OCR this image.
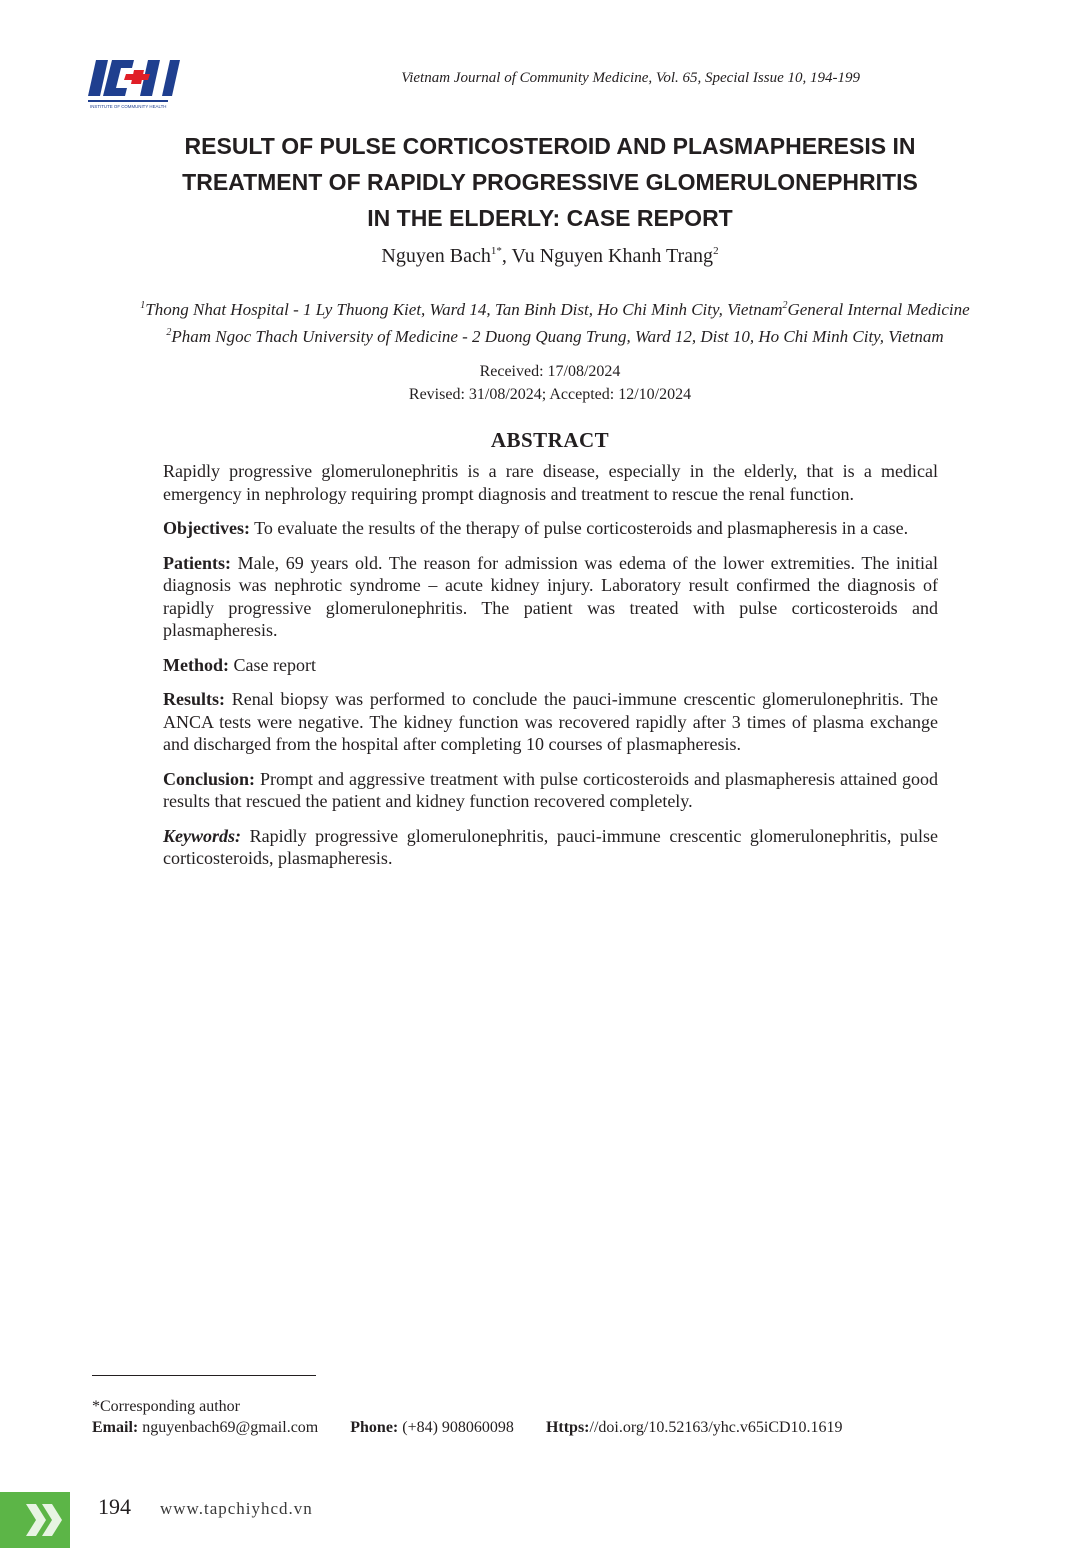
INSTITUTE OF COMMUNITY HEALTH
Vietnam Journal of Community Medicine, Vol. 65, Special Issue 10, 194-199
RESULT OF PULSE CORTICOSTEROID AND PLASMAPHERESIS IN
TREATMENT OF RAPIDLY PROGRESSIVE GLOMERULONEPHRITIS
IN THE ELDERLY: CASE REPORT
Nguyen Bach$^{1*}$, Vu Nguyen Khanh Trang$^2$
$^1$Thong Nhat Hospital - 1 Ly Thuong Kiet, Ward 14, Tan Binh Dist, Ho Chi Minh City, Vietnam$^2$General Internal Medicine
$^2$Pham Ngoc Thach University of Medicine - 2 Duong Quang Trung, Ward 12, Dist 10, Ho Chi Minh City, Vietnam
Received: 17/08/2024
Revised: 31/08/2024; Accepted: 12/10/2024
ABSTRACT

Rapidly progressive glomerulonephritis is a rare disease, especially in the elderly, that is a medical emergency in nephrology requiring prompt diagnosis and treatment to rescue the renal function.

Objectives: To evaluate the results of the therapy of pulse corticosteroids and plasmapheresis in a case.

Patients: Male, 69 years old. The reason for admission was edema of the lower extremities. The initial diagnosis was nephrotic syndrome – acute kidney injury. Laboratory result confirmed the diagnosis of rapidly progressive glomerulonephritis. The patient was treated with pulse corticosteroids and plasmapheresis.

Method: Case report

Results: Renal biopsy was performed to conclude the pauci-immune crescentic glomerulonephritis. The ANCA tests were negative. The kidney function was recovered rapidly after 3 times of plasma exchange and discharged from the hospital after completing 10 courses of plasmapheresis.

Conclusion: Prompt and aggressive treatment with pulse corticosteroids and plasmapheresis attained good results that rescued the patient and kidney function recovered completely.

Keywords: Rapidly progressive glomerulonephritis, pauci-immune crescentic glomerulonephritis, pulse corticosteroids, plasmapheresis.

*Corresponding author
Email: nguyenbach69@gmail.com Phone: (+84) 908060098 Https://doi.org/10.52163/yhc.v65iCD10.1619
194 www.tapchiyhcd.vn
